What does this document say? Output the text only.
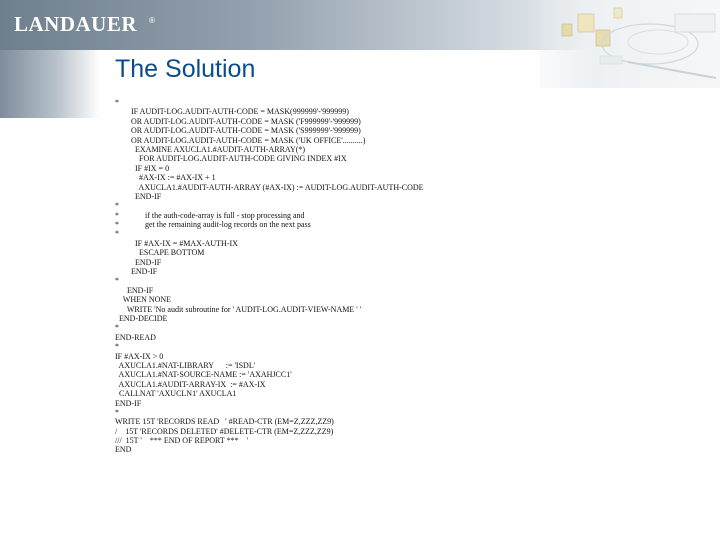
LANDAUER ®
The Solution
*
IF AUDIT-LOG.AUDIT-AUTH-CODE = MASK(999999'-'999999)
OR AUDIT-LOG.AUDIT-AUTH-CODE = MASK ('F999999'-'999999)
OR AUDIT-LOG.AUDIT-AUTH-CODE = MASK ('S999999'-'999999)
OR AUDIT-LOG.AUDIT-AUTH-CODE = MASK ('UK OFFICE'..........)
EXAMINE AXUCLA1.#AUDIT-AUTH-ARRAY(*)
FOR AUDIT-LOG.AUDIT-AUTH-CODE GIVING INDEX #IX
IF #IX = 0
#AX-IX := #AX-IX + 1
AXUCLA1.#AUDIT-AUTH-ARRAY (#AX-IX) := AUDIT-LOG.AUDIT-AUTH-CODE
END-IF
*
*             if the auth-code-array is full - stop processing and
*             get the remaining audit-log records on the next pass
*
IF #AX-IX = #MAX-AUTH-IX
ESCAPE BOTTOM
END-IF
END-IF
*
END-IF
WHEN NONE
WRITE 'No audit subroutine for ' AUDIT-LOG.AUDIT-VIEW-NAME ' '
END-DECIDE
*
END-READ
*
IF #AX-IX > 0
AXUCLA1.#NAT-LIBRARY      := 'ISDL'
AXUCLA1.#NAT-SOURCE-NAME := 'AXAHJCC1'
AXUCLA1.#AUDIT-ARRAY-IX  := #AX-IX
CALLNAT 'AXUCLN1' AXUCLA1
END-IF
*
WRITE 15T 'RECORDS READ   ' #READ-CTR (EM=Z,ZZZ,ZZ9)
/    15T 'RECORDS DELETED' #DELETE-CTR (EM=Z,ZZZ,ZZ9)
///  15T '    *** END OF REPORT ***    '
END
